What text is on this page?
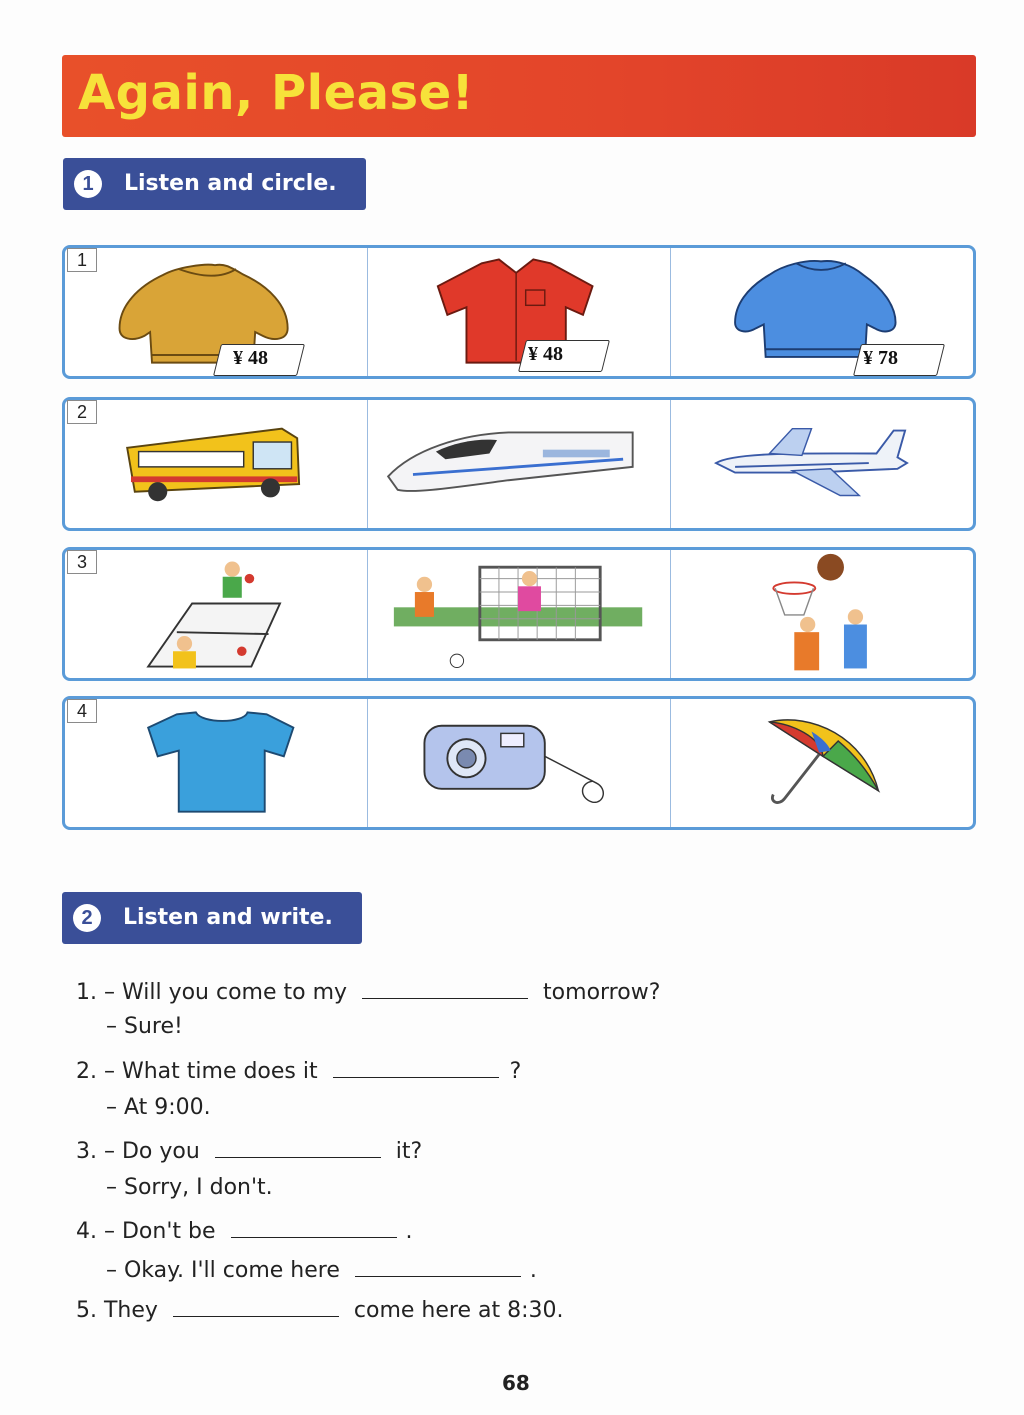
Again, Please!
1	Listen and circle.
1
¥ 48	¥ 48	¥ 78
2
3
4
2	Listen and write.
1. – Will you come to my	tomorrow?
– Sure!
2. – What time does it	?
– At 9:00.
3. – Do you	it?
– Sorry, I don't.
4. – Don't be	.
– Okay. I'll come here	.
5. They	come here at 8:30.
68
